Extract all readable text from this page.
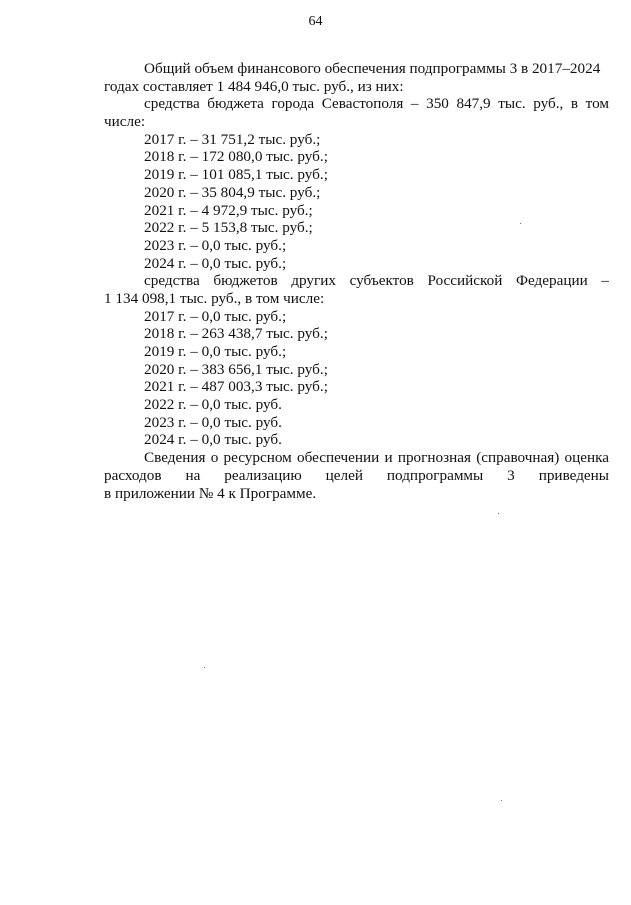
64
Общий объем финансового обеспечения подпрограммы 3 в 2017–2024
годах составляет 1 484 946,0 тыс. руб., из них:
средства бюджета города Севастополя – 350 847,9 тыс. руб., в том
числе:
2017 г. – 31 751,2 тыс. руб.;
2018 г. – 172 080,0 тыс. руб.;
2019 г. – 101 085,1 тыс. руб.;
2020 г. – 35 804,9 тыс. руб.;
2021 г. – 4 972,9 тыс. руб.;
2022 г. – 5 153,8 тыс. руб.;
2023 г. – 0,0 тыс. руб.;
2024 г. – 0,0 тыс. руб.;
средства бюджетов других субъектов Российской Федерации –
1 134 098,1 тыс. руб., в том числе:
2017 г. – 0,0 тыс. руб.;
2018 г. – 263 438,7 тыс. руб.;
2019 г. – 0,0 тыс. руб.;
2020 г. – 383 656,1 тыс. руб.;
2021 г. – 487 003,3 тыс. руб.;
2022 г. – 0,0 тыс. руб.
2023 г. – 0,0 тыс. руб.
2024 г. – 0,0 тыс. руб.
Сведения о ресурсном обеспечении и прогнозная (справочная) оценка
расходов на реализацию целей подпрограммы 3 приведены
в приложении № 4 к Программе.
